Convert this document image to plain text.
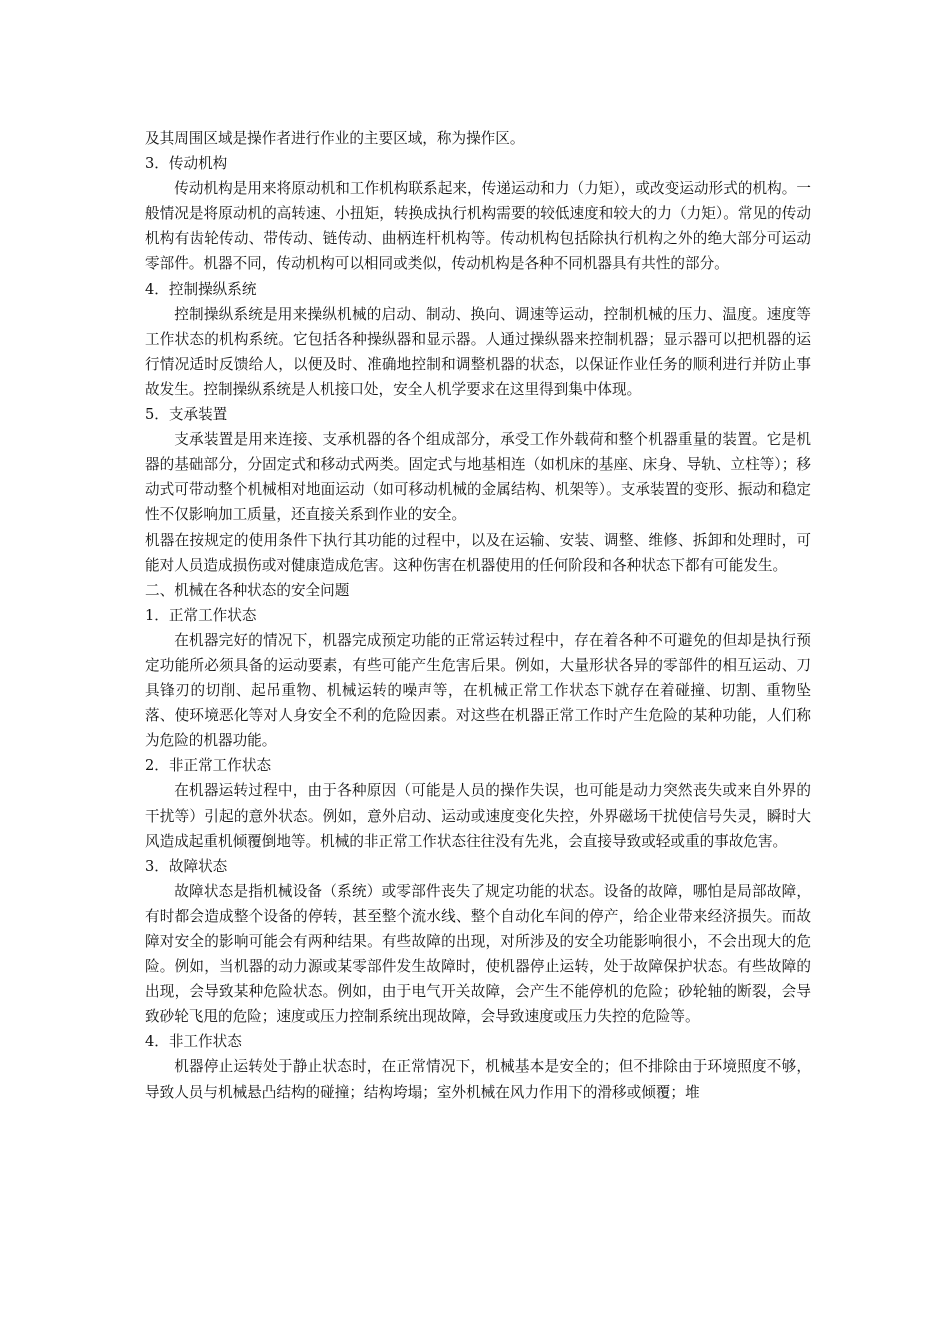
及其周围区域是操作者进行作业的主要区域，称为操作区。

3．传动机构

传动机构是用来将原动机和工作机构联系起来，传递运动和力（力矩），或改变运动形式的机构。一般情况是将原动机的高转速、小扭矩，转换成执行机构需要的较低速度和较大的力（力矩）。常见的传动机构有齿轮传动、带传动、链传动、曲柄连杆机构等。传动机构包括除执行机构之外的绝大部分可运动零部件。机器不同，传动机构可以相同或类似，传动机构是各种不同机器具有共性的部分。

4．控制操纵系统

控制操纵系统是用来操纵机械的启动、制动、换向、调速等运动，控制机械的压力、温度。速度等工作状态的机构系统。它包括各种操纵器和显示器。人通过操纵器来控制机器；显示器可以把机器的运行情况适时反馈给人，以便及时、准确地控制和调整机器的状态，以保证作业任务的顺利进行并防止事故发生。控制操纵系统是人机接口处，安全人机学要求在这里得到集中体现。

5．支承装置

支承装置是用来连接、支承机器的各个组成部分，承受工作外载荷和整个机器重量的装置。它是机器的基础部分，分固定式和移动式两类。固定式与地基相连（如机床的基座、床身、导轨、立柱等）；移动式可带动整个机械相对地面运动（如可移动机械的金属结构、机架等）。支承装置的变形、振动和稳定性不仅影响加工质量，还直接关系到作业的安全。

机器在按规定的使用条件下执行其功能的过程中，以及在运输、安装、调整、维修、拆卸和处理时，可能对人员造成损伤或对健康造成危害。这种伤害在机器使用的任何阶段和各种状态下都有可能发生。

二、机械在各种状态的安全问题

1．正常工作状态

在机器完好的情况下，机器完成预定功能的正常运转过程中，存在着各种不可避免的但却是执行预定功能所必须具备的运动要素，有些可能产生危害后果。例如，大量形状各异的零部件的相互运动、刀具锋刃的切削、起吊重物、机械运转的噪声等，在机械正常工作状态下就存在着碰撞、切割、重物坠落、使环境恶化等对人身安全不利的危险因素。对这些在机器正常工作时产生危险的某种功能，人们称为危险的机器功能。

2．非正常工作状态

在机器运转过程中，由于各种原因（可能是人员的操作失误，也可能是动力突然丧失或来自外界的干扰等）引起的意外状态。例如，意外启动、运动或速度变化失控，外界磁场干扰使信号失灵，瞬时大风造成起重机倾覆倒地等。机械的非正常工作状态往往没有先兆，会直接导致或轻或重的事故危害。

3．故障状态

故障状态是指机械设备（系统）或零部件丧失了规定功能的状态。设备的故障，哪怕是局部故障，有时都会造成整个设备的停转，甚至整个流水线、整个自动化车间的停产，给企业带来经济损失。而故障对安全的影响可能会有两种结果。有些故障的出现，对所涉及的安全功能影响很小，不会出现大的危险。例如，当机器的动力源或某零部件发生故障时，使机器停止运转，处于故障保护状态。有些故障的出现，会导致某种危险状态。例如，由于电气开关故障，会产生不能停机的危险；砂轮轴的断裂，会导致砂轮飞甩的危险；速度或压力控制系统出现故障，会导致速度或压力失控的危险等。

4．非工作状态

机器停止运转处于静止状态时，在正常情况下，机械基本是安全的；但不排除由于环境照度不够，导致人员与机械悬凸结构的碰撞；结构垮塌；室外机械在风力作用下的滑移或倾覆；堆
